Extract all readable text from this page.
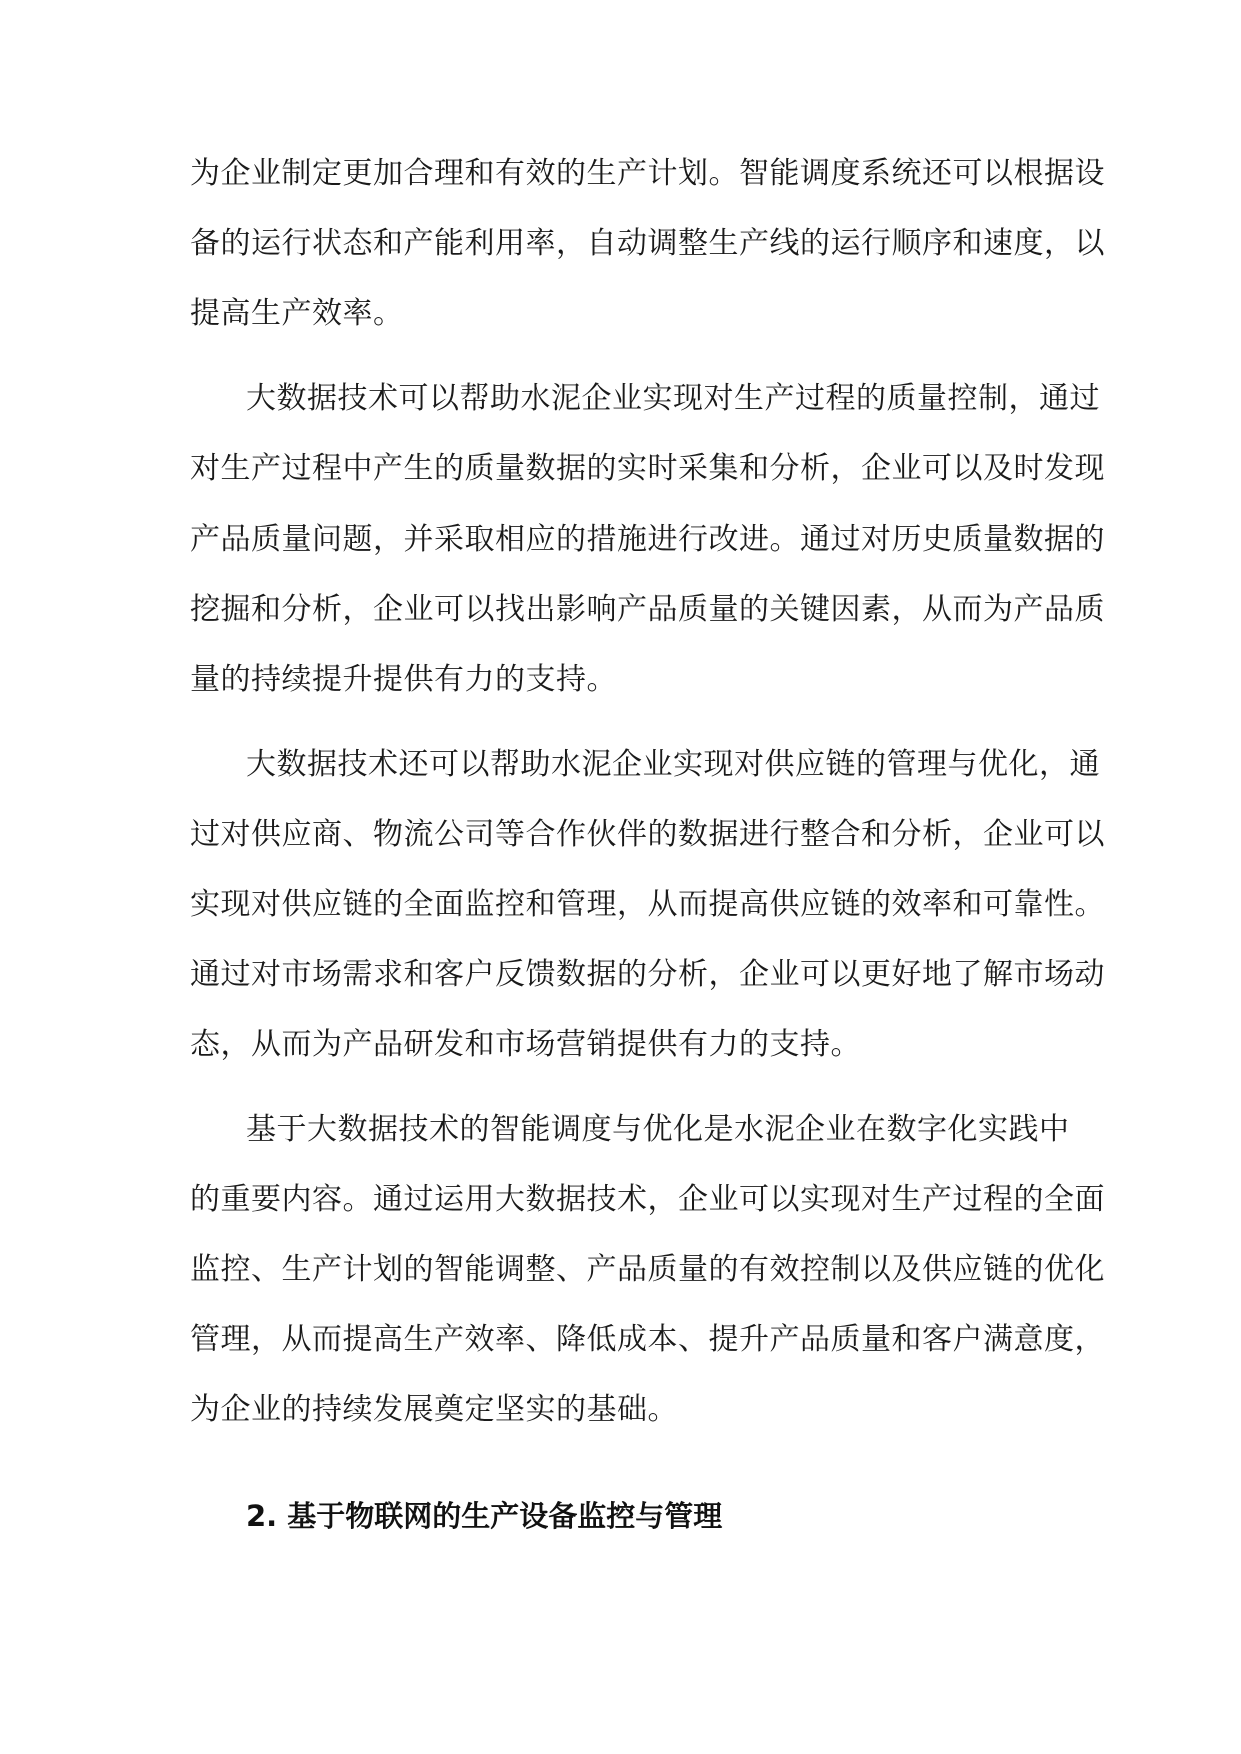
为企业制定更加合理和有效的生产计划。智能调度系统还可以根据设
备的运行状态和产能利用率，自动调整生产线的运行顺序和速度，以
提高生产效率。
大数据技术可以帮助水泥企业实现对生产过程的质量控制，通过
对生产过程中产生的质量数据的实时采集和分析，企业可以及时发现
产品质量问题，并采取相应的措施进行改进。通过对历史质量数据的
挖掘和分析，企业可以找出影响产品质量的关键因素，从而为产品质
量的持续提升提供有力的支持。
大数据技术还可以帮助水泥企业实现对供应链的管理与优化，通
过对供应商、物流公司等合作伙伴的数据进行整合和分析，企业可以
实现对供应链的全面监控和管理，从而提高供应链的效率和可靠性。
通过对市场需求和客户反馈数据的分析，企业可以更好地了解市场动
态，从而为产品研发和市场营销提供有力的支持。
基于大数据技术的智能调度与优化是水泥企业在数字化实践中
的重要内容。通过运用大数据技术，企业可以实现对生产过程的全面
监控、生产计划的智能调整、产品质量的有效控制以及供应链的优化
管理，从而提高生产效率、降低成本、提升产品质量和客户满意度，
为企业的持续发展奠定坚实的基础。
2. 基于物联网的生产设备监控与管理
